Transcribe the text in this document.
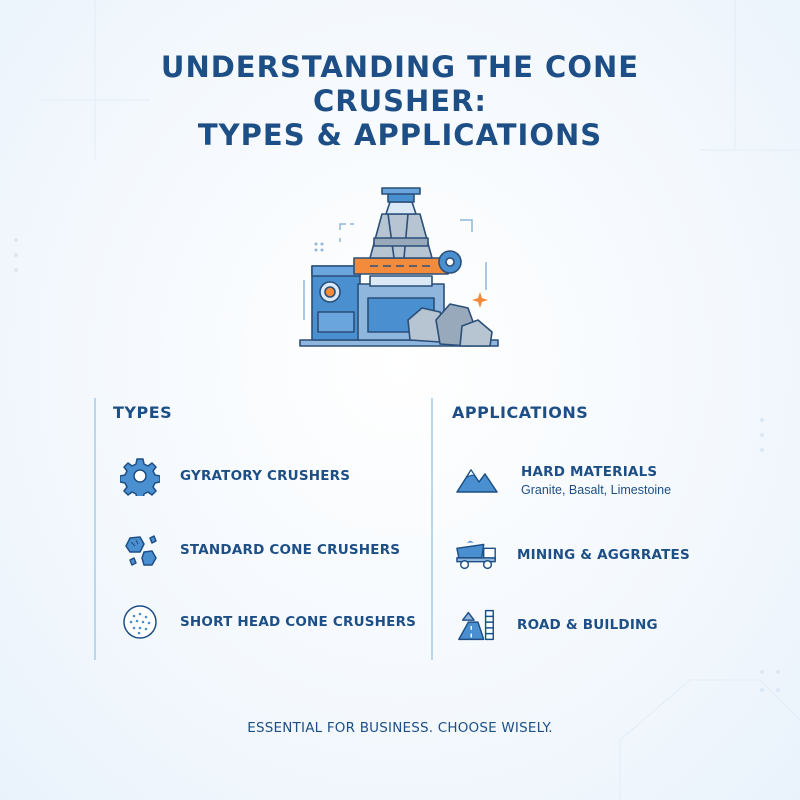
UNDERSTANDING THE CONE
CRUSHER:
TYPES & APPLICATIONS
TYPES
GYRATORY CRUSHERS
STANDARD CONE CRUSHERS
SHORT HEAD CONE CRUSHERS
APPLICATIONS
HARD MATERIALS
Granite, Basalt, Limestoine
MINING & AGGRRATES
ROAD & BUILDING
ESSENTIAL FOR BUSINESS. CHOOSE WISELY.
